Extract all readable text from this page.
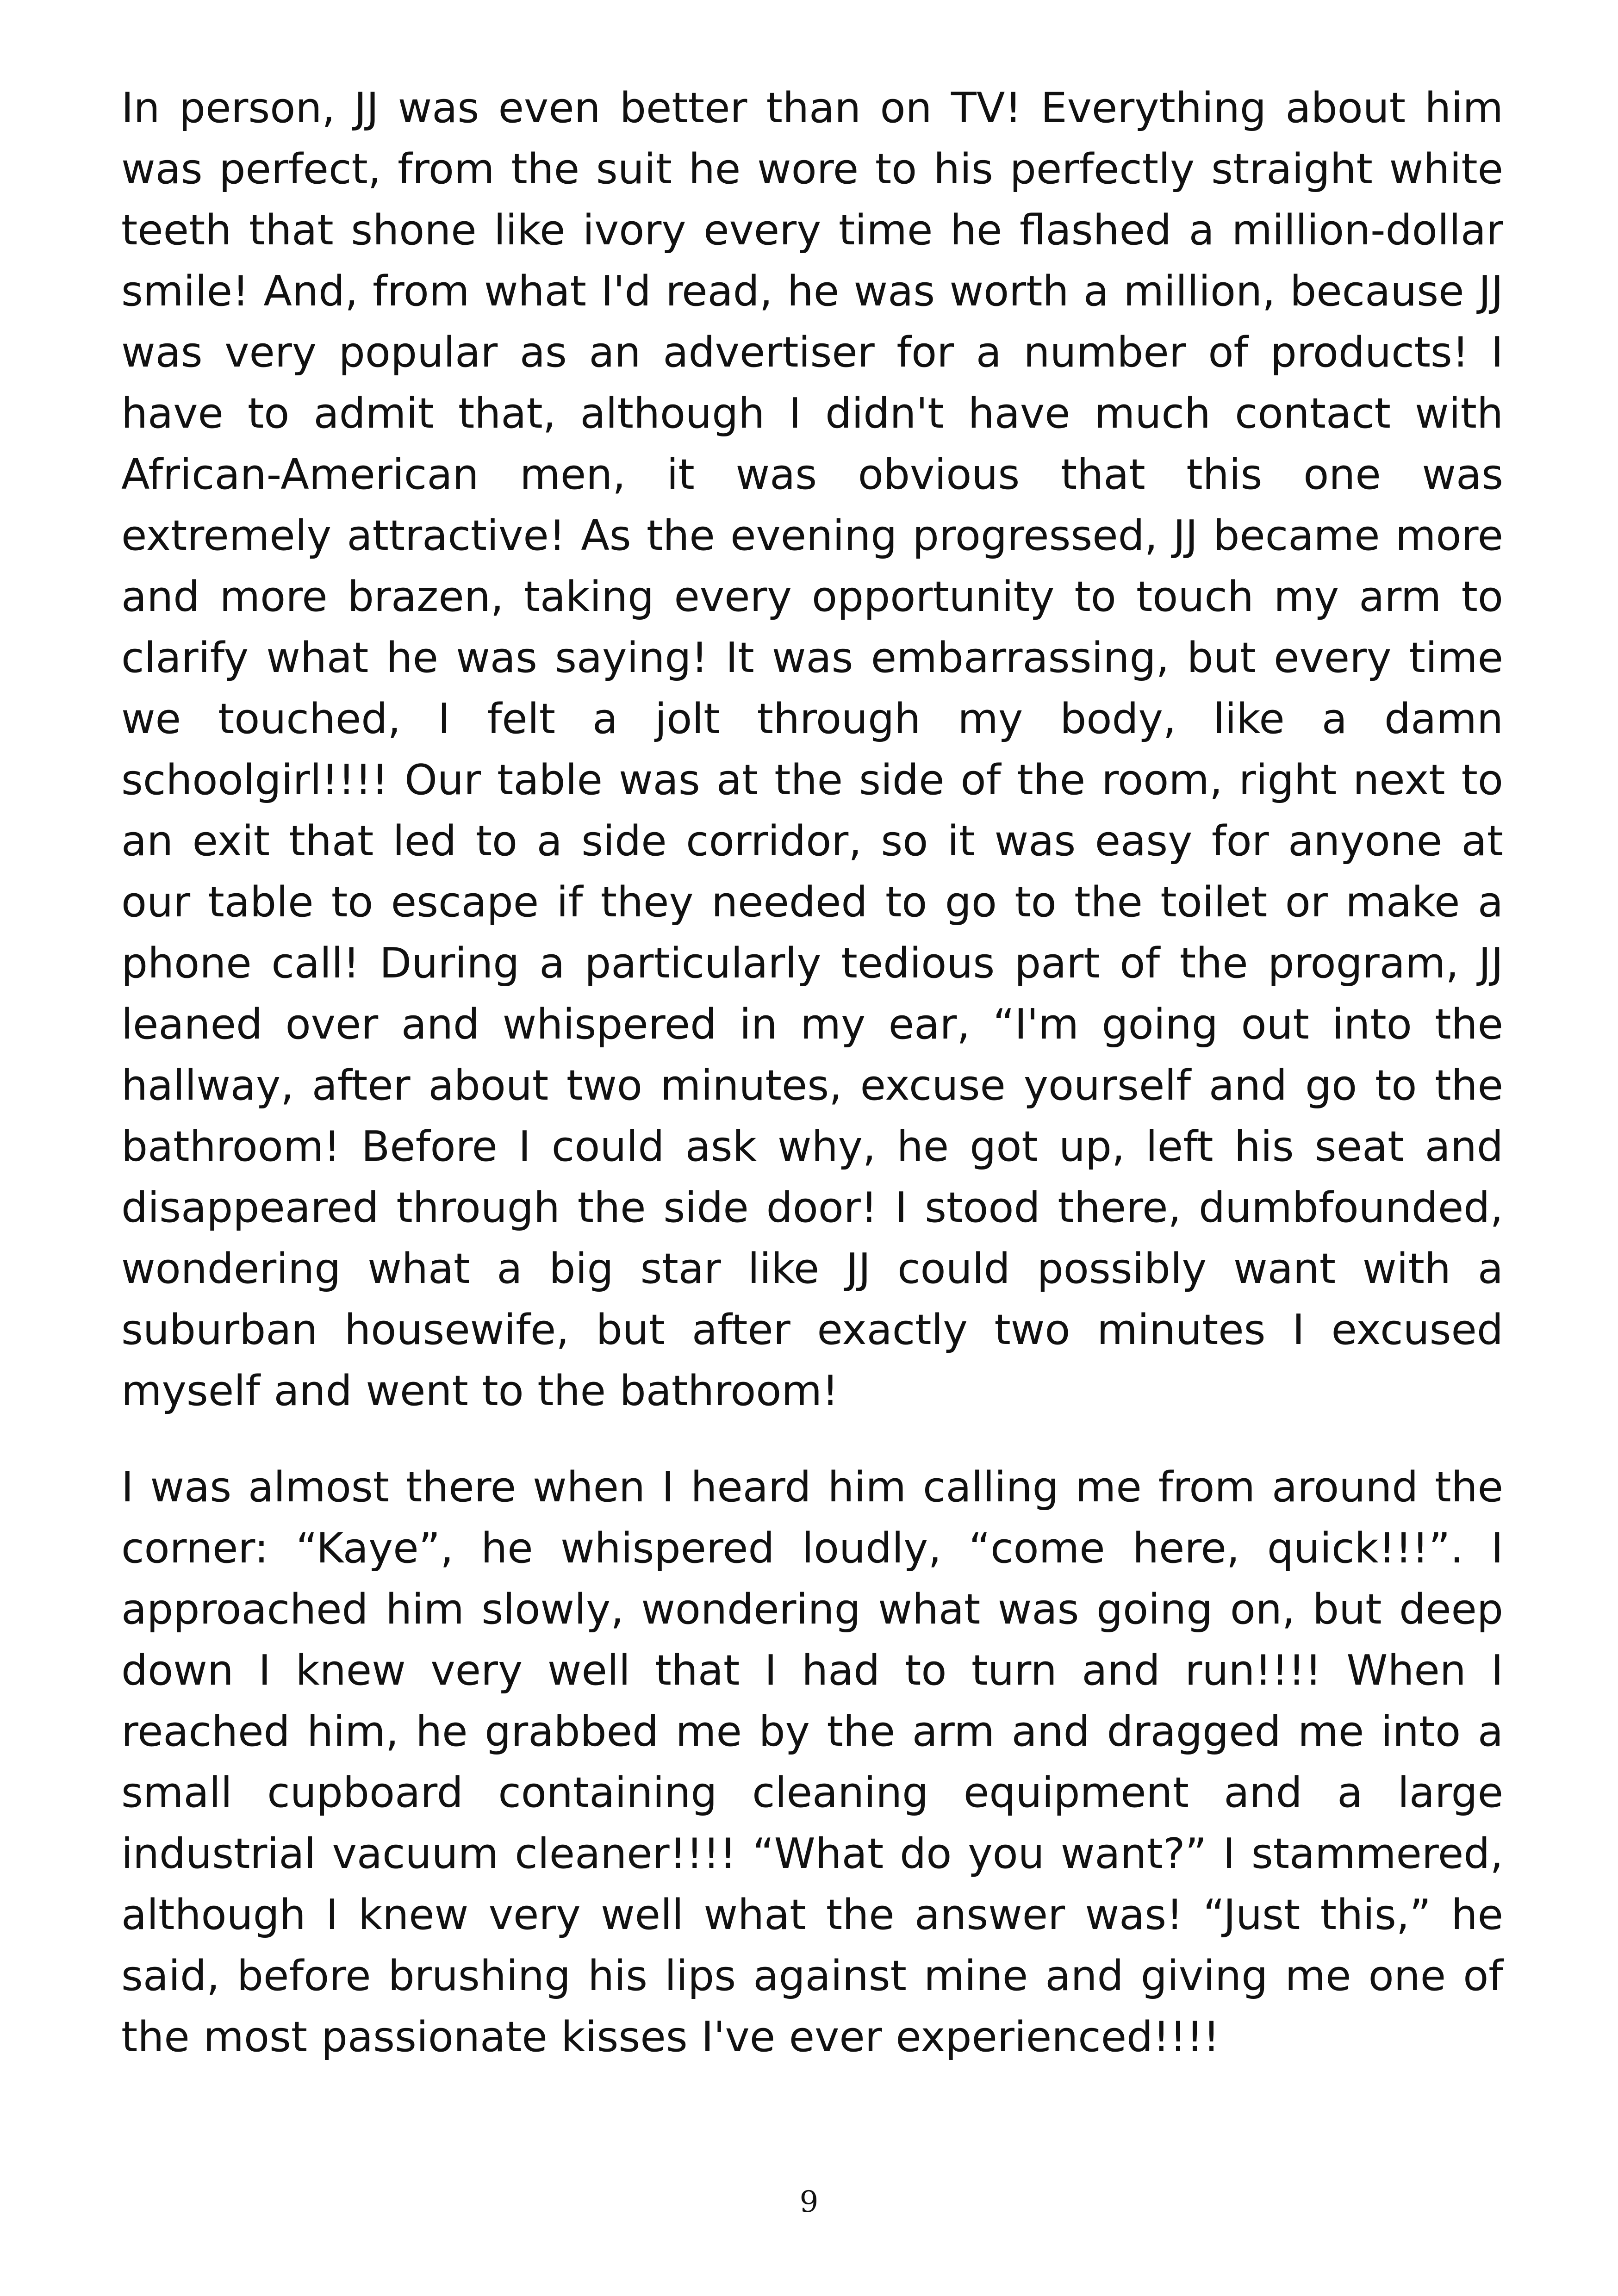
In person, JJ was even better than on TV! Everything about him was perfect, from the suit he wore to his perfectly straight white teeth that shone like ivory every time he flashed a million-dollar smile! And, from what I'd read, he was worth a million, because JJ was very popular as an advertiser for a number of products! I have to admit that, although I didn't have much contact with African-American men, it was obvious that this one was extremely attractive! As the evening progressed, JJ became more and more brazen, taking every opportunity to touch my arm to clarify what he was saying! It was embarrassing, but every time we touched, I felt a jolt through my body, like a damn schoolgirl!!!! Our table was at the side of the room, right next to an exit that led to a side corridor, so it was easy for anyone at our table to escape if they needed to go to the toilet or make a phone call! During a particularly tedious part of the program, JJ leaned over and whispered in my ear, “I'm going out into the hallway, after about two minutes, excuse yourself and go to the bathroom! Before I could ask why, he got up, left his seat and disappeared through the side door! I stood there, dumbfounded, wondering what a big star like JJ could possibly want with a suburban housewife, but after exactly two minutes I excused myself and went to the bathroom!

I was almost there when I heard him calling me from around the corner: “Kaye”, he whispered loudly, “come here, quick!!!”. I approached him slowly, wondering what was going on, but deep down I knew very well that I had to turn and run!!!! When I reached him, he grabbed me by the arm and dragged me into a small cupboard containing cleaning equipment and a large industrial vacuum cleaner!!!! “What do you want?” I stammered, although I knew very well what the answer was! “Just this,” he said, before brushing his lips against mine and giving me one of the most passionate kisses I've ever experienced!!!!

9
